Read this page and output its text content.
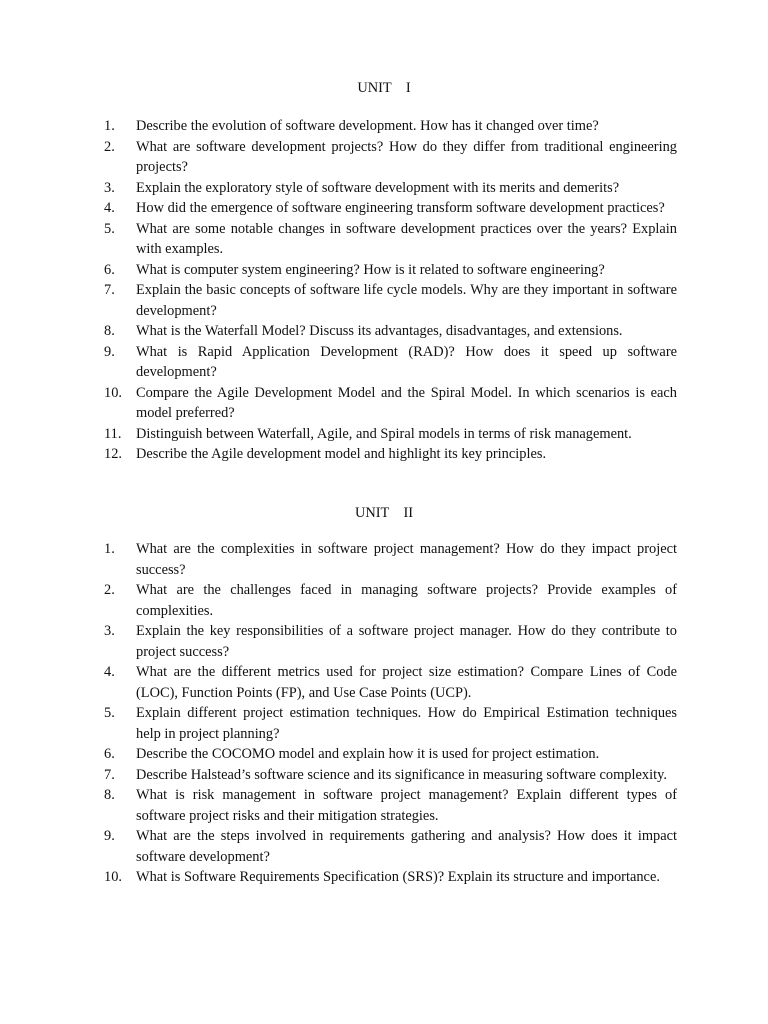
UNIT    I
1.	Describe the evolution of software development. How has it changed over time?
2.	What are software development projects? How do they differ from traditional engineering projects?
3.	Explain the exploratory style of software development with its merits and demerits?
4.	How did the emergence of software engineering transform software development practices?
5.	What are some notable changes in software development practices over the years? Explain with examples.
6.	What is computer system engineering? How is it related to software engineering?
7.	Explain the basic concepts of software life cycle models. Why are they important in software development?
8.	What is the Waterfall Model? Discuss its advantages, disadvantages, and extensions.
9.	What is Rapid Application Development (RAD)? How does it speed up software development?
10. Compare the Agile Development Model and the Spiral Model. In which scenarios is each model preferred?
11.	Distinguish between Waterfall, Agile, and Spiral models in terms of risk management.
12. Describe the Agile development model and highlight its key principles.
UNIT    II
1.	What are the complexities in software project management? How do they impact project success?
2.	What are the challenges faced in managing software projects? Provide examples of complexities.
3.	Explain the key responsibilities of a software project manager. How do they contribute to project success?
4.	What are the different metrics used for project size estimation? Compare Lines of Code (LOC), Function Points (FP), and Use Case Points (UCP).
5.	Explain different project estimation techniques. How do Empirical Estimation techniques help in project planning?
6.	Describe the COCOMO model and explain how it is used for project estimation.
7.	Describe Halstead’s software science and its significance in measuring software complexity.
8.	What is risk management in software project management? Explain different types of software project risks and their mitigation strategies.
9.	What are the steps involved in requirements gathering and analysis? How does it impact software development?
10. What is Software Requirements Specification (SRS)? Explain its structure and importance.
